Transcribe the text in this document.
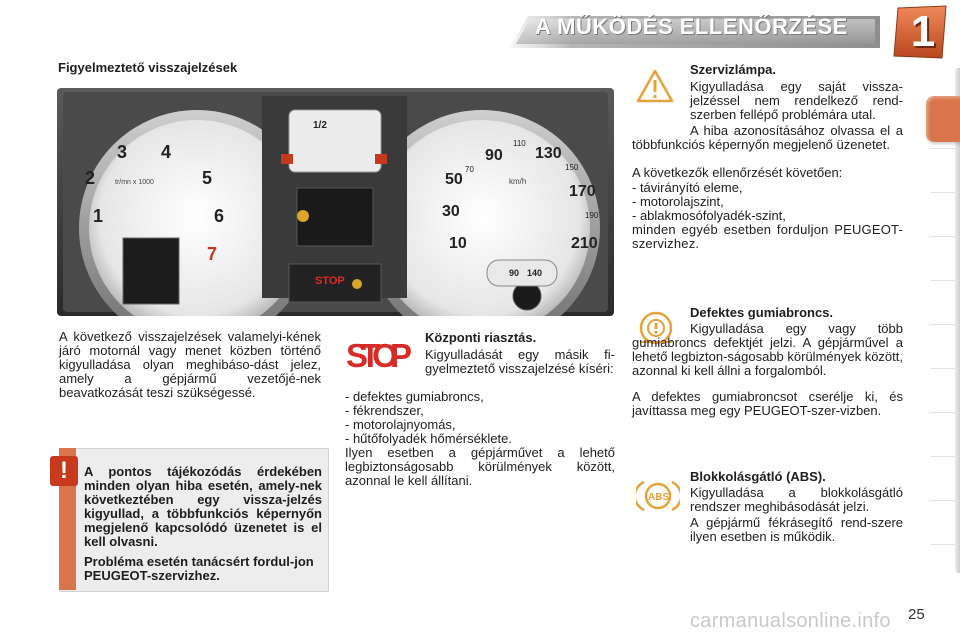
A MŰKÖDÉS ELLENŐRZÉSE	1
Figyelmeztető visszajelzések
1
2
3 4
5
6
7
tr/mn x 1000
10
30
50
70
90
110
130
150
170
190
210
km/h
1/2
90 140
STOP
A következő visszajelzések valamelyi-kének járó motornál vagy menet közben történő kigyulladása olyan meghibáso-dást jelez, amely a gépjármű vezetőjé-nek beavatkozását teszi szükségessé.
STOP Központi riasztás.
Kigyulladását egy másik fi-gyelmeztető visszajelzésé kíséri:
- defektes gumiabroncs,
- fékrendszer,
- motorolajnyomás,
- hűtőfolyadék hőmérséklete.
Ilyen esetben a gépjárművet a lehető legbiztonságosabb körülmények között, azonnal le kell állítani.
!	A pontos tájékozódás érdekében minden olyan hiba esetén, amely-nek következtében egy vissza-jelzés kigyullad, a többfunkciós képernyőn megjelenő kapcsolódó üzenetet is el kell olvasni.

Probléma esetén tanácsért fordul-jon PEUGEOT-szervizhez.

Szervizlámpa.
Kigyulladása egy saját vissza-jelzéssel nem rendelkező rend-szerben fellépő problémára utal.
A hiba azonosításához olvassa el a többfunkciós képernyőn megjelenő üzenetet.
A következők ellenőrzését követően:
- távirányító eleme,
- motorolajszint,
- ablakmosófolyadék-szint,
minden egyéb esetben forduljon PEUGEOT-szervizhez.
Defektes gumiabroncs.
Kigyulladása egy vagy több gumiabroncs defektjét jelzi. A gépjárművel a lehető legbizton-ságosabb körülmények között, azonnal ki kell állni a forgalomból.
A defektes gumiabroncsot cserélje ki, és javíttassa meg egy PEUGEOT-szer-vizben.
ABS
Blokkolásgátló (ABS).
Kigyulladása a blokkolásgátló rendszer meghibásodását jelzi.
A gépjármű fékrásegítő rend-szere ilyen esetben is működik.
carmanualsonline.info 25
